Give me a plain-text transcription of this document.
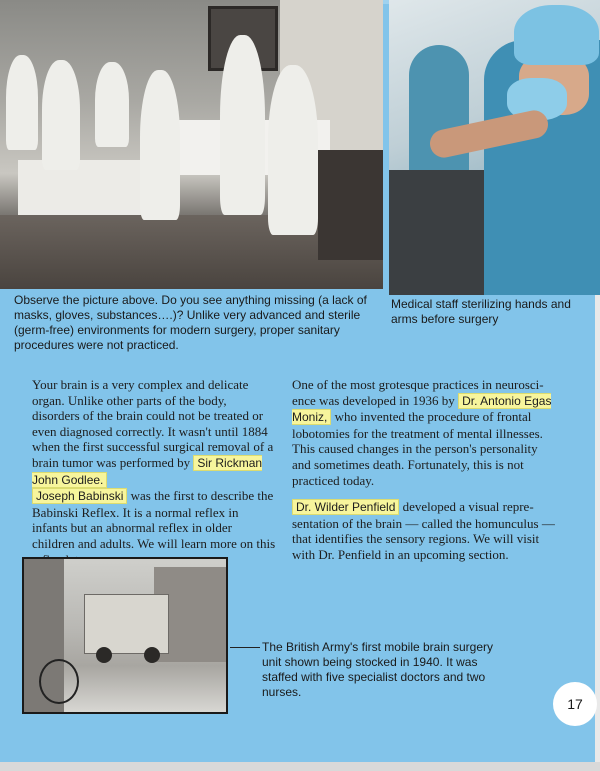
Observe the picture above. Do you see anything missing (a lack of masks, gloves, substances….)? Unlike very advanced and sterile (germ-free) environments for modern surgery, proper sanitary procedures were not practiced.

Medical staff sterilizing hands and arms before surgery

Your brain is a very complex and delicate organ. Unlike other parts of the body, disorders of the brain could not be treated or even diagnosed correctly. It wasn't until 1884 when the first successful surgical removal of a brain tumor was performed by Sir Rickman John Godlee.
Joseph Babinski was the first to describe the Babinski Reflex. It is a normal reflex in infants but an abnormal reflex in older children and adults. We will learn more on this

One of the most grotesque practices in neurosci-ence was developed in 1936 by Dr. Antonio Egas Moniz, who invented the procedure of frontal lobotomies for the treatment of mental illnesses. This caused changes in the person's personality and sometimes death. Fortunately, this is not practiced today.

Dr. Wilder Penfield developed a visual repre-sentation of the brain — called the homunculus — that identifies the sensory regions. We will visit with Dr. Penfield in an upcoming section.

The British Army's first mobile brain surgery unit shown being stocked in 1940. It was staffed with five specialist doctors and two nurses.

17
